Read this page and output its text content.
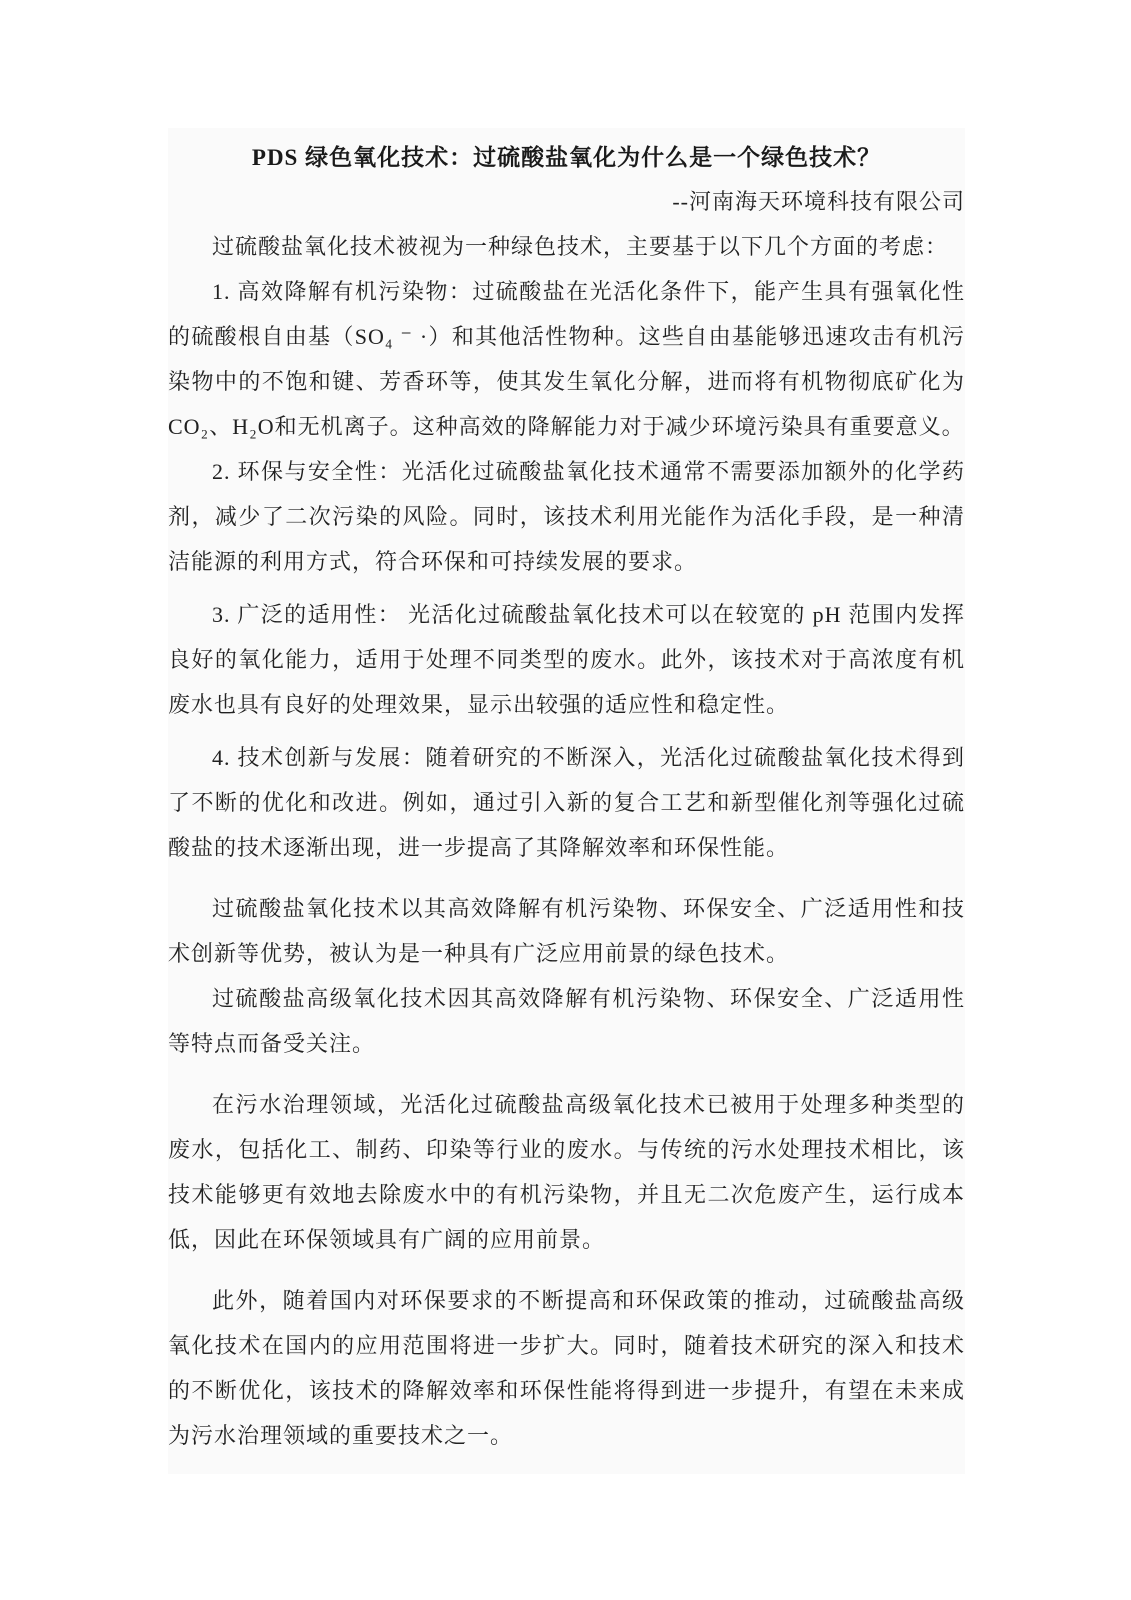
PDS 绿色氧化技术：过硫酸盐氧化为什么是一个绿色技术？
--河南海天环境科技有限公司

过硫酸盐氧化技术被视为一种绿色技术，主要基于以下几个方面的考虑：

1. 高效降解有机污染物：过硫酸盐在光活化条件下，能产生具有强氧化性的硫酸根自由基（SO₄ ⁻ ·）和其他活性物种。这些自由基能够迅速攻击有机污染物中的不饱和键、芳香环等，使其发生氧化分解，进而将有机物彻底矿化为CO₂、H₂O和无机离子。这种高效的降解能力对于减少环境污染具有重要意义。

2. 环保与安全性：光活化过硫酸盐氧化技术通常不需要添加额外的化学药剂，减少了二次污染的风险。同时，该技术利用光能作为活化手段，是一种清洁能源的利用方式，符合环保和可持续发展的要求。

3. 广泛的适用性： 光活化过硫酸盐氧化技术可以在较宽的 pH 范围内发挥良好的氧化能力，适用于处理不同类型的废水。此外，该技术对于高浓度有机废水也具有良好的处理效果，显示出较强的适应性和稳定性。

4. 技术创新与发展：随着研究的不断深入，光活化过硫酸盐氧化技术得到了不断的优化和改进。例如，通过引入新的复合工艺和新型催化剂等强化过硫酸盐的技术逐渐出现，进一步提高了其降解效率和环保性能。

过硫酸盐氧化技术以其高效降解有机污染物、环保安全、广泛适用性和技术创新等优势，被认为是一种具有广泛应用前景的绿色技术。

过硫酸盐高级氧化技术因其高效降解有机污染物、环保安全、广泛适用性等特点而备受关注。

在污水治理领域，光活化过硫酸盐高级氧化技术已被用于处理多种类型的废水，包括化工、制药、印染等行业的废水。与传统的污水处理技术相比，该技术能够更有效地去除废水中的有机污染物，并且无二次危废产生，运行成本低，因此在环保领域具有广阔的应用前景。

此外，随着国内对环保要求的不断提高和环保政策的推动，过硫酸盐高级氧化技术在国内的应用范围将进一步扩大。同时，随着技术研究的深入和技术的不断优化，该技术的降解效率和环保性能将得到进一步提升，有望在未来成为污水治理领域的重要技术之一。
